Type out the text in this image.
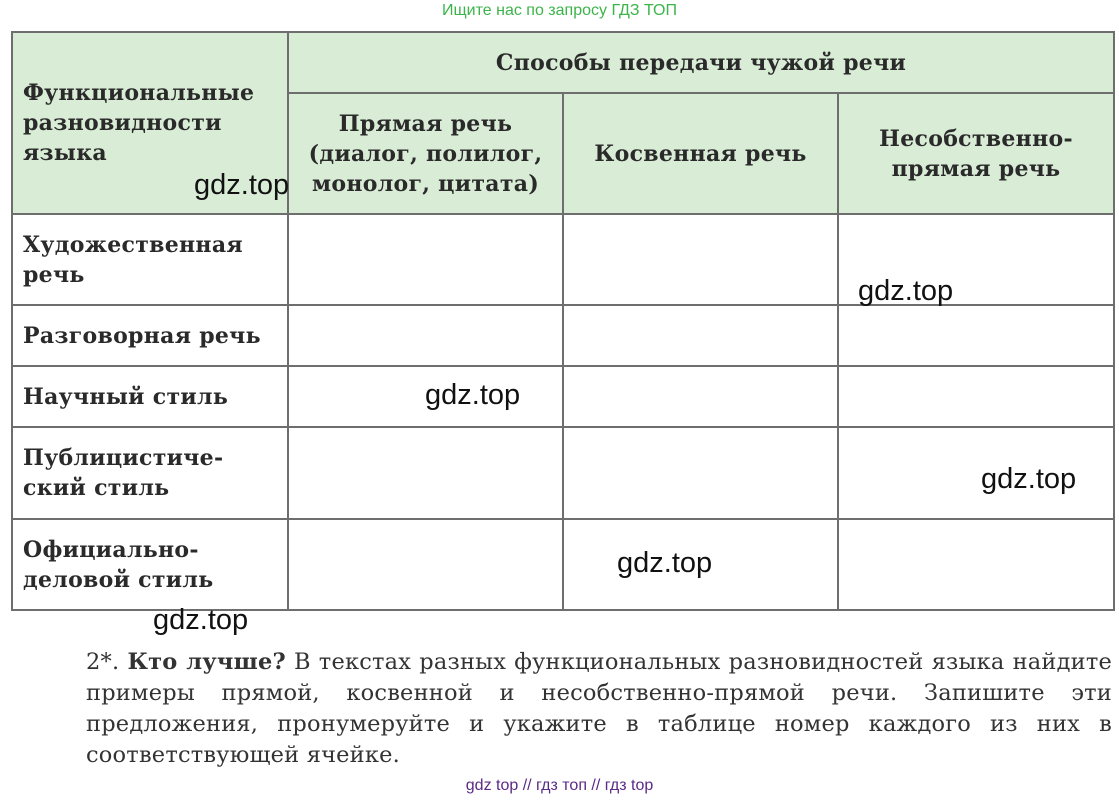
Ищите нас по запросу ГДЗ ТОП
Функциональные разновидности языка	Способы передачи чужой речи		
	Прямая речь (диалог, полилог, монолог, цитата)	Косвенная речь	Несобственно-прямая речь
Художественная речь			
Разговорная речь			
Научный стиль			
Публицистиче-ский стиль			
Официально-деловой стиль			
gdz.top
gdz.top
gdz.top
gdz.top
gdz.top
gdz.top
2*. Кто лучше? В текстах разных функциональных разновидностей языка найдите примеры прямой, косвенной и несобственно-прямой речи. Запишите эти предложения, пронумеруйте и укажите в таблице номер каждого из них в соответствующей ячейке.
gdz top // гдз топ // гдз top
